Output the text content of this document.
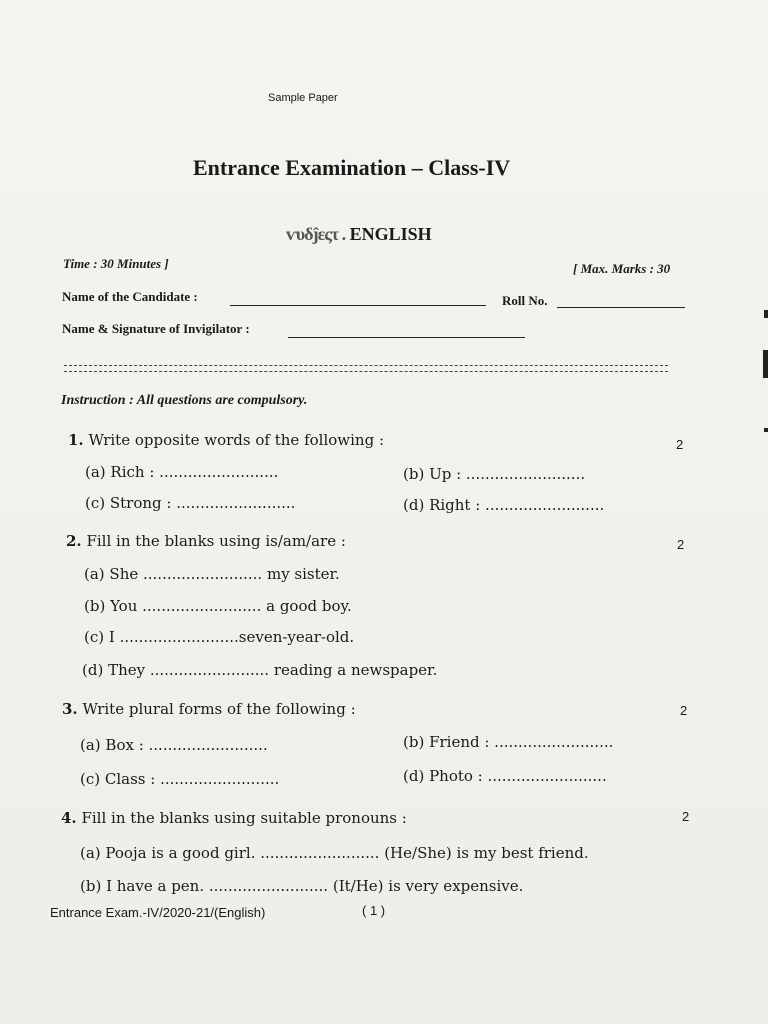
Sample Paper
Entrance Examination – Class-IV
ѵυδĵεςτ . ENGLISH
Time : 30 Minutes ]	[ Max. Marks : 30
Name of the Candidate :	Roll No.
Name & Signature of Invigilator :
Instruction : All questions are compulsory.
1. Write opposite words of the following :	2
(a) Rich : .........................	(b) Up : .........................
(c) Strong : .........................	(d) Right : .........................
2. Fill in the blanks using is/am/are :	2
(a) She ......................... my sister.
(b) You ......................... a good boy.
(c) I .........................seven-year-old.
(d) They ......................... reading a newspaper.
3. Write plural forms of the following :	2
(a) Box : .........................	(b) Friend : .........................
(c) Class : .........................	(d) Photo : .........................
4. Fill in the blanks using suitable pronouns :	2
(a) Pooja is a good girl. ......................... (He/She) is my best friend.
(b) I have a pen. ......................... (It/He) is very expensive.
Entrance Exam.-IV/2020-21/(English)	( 1 )
